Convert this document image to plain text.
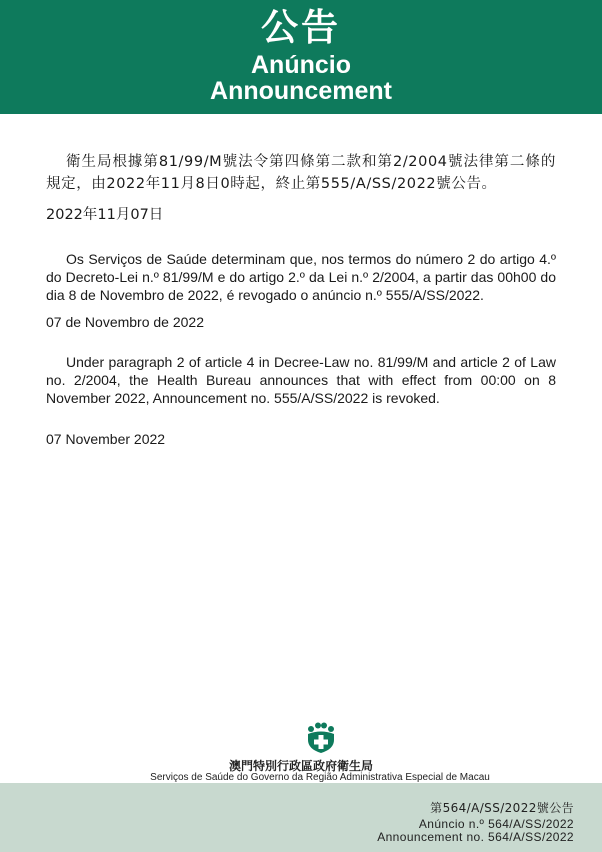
公告
Anúncio
Announcement

衛生局根據第81/99/M號法令第四條第二款和第2/2004號法律第二條的規定，由2022年11月8日0時起，終止第555/A/SS/2022號公告。

2022年11月07日

Os Serviços de Saúde determinam que, nos termos do número 2 do artigo 4.º do Decreto-Lei n.º 81/99/M e do artigo 2.º da Lei n.º 2/2004, a partir das 00h00 do dia 8 de Novembro de 2022, é revogado o anúncio n.º 555/A/SS/2022.

07 de Novembro de 2022

Under paragraph 2 of article 4 in Decree-Law no. 81/99/M and article 2 of Law no. 2/2004, the Health Bureau announces that with effect from 00:00 on 8 November 2022, Announcement no. 555/A/SS/2022 is revoked.

07 November 2022

澳門特別行政區政府衛生局
Serviços de Saúde do Governo da Região Administrativa Especial de Macau
第564/A/SS/2022號公告
Anúncio n.º 564/A/SS/2022
Announcement no. 564/A/SS/2022
